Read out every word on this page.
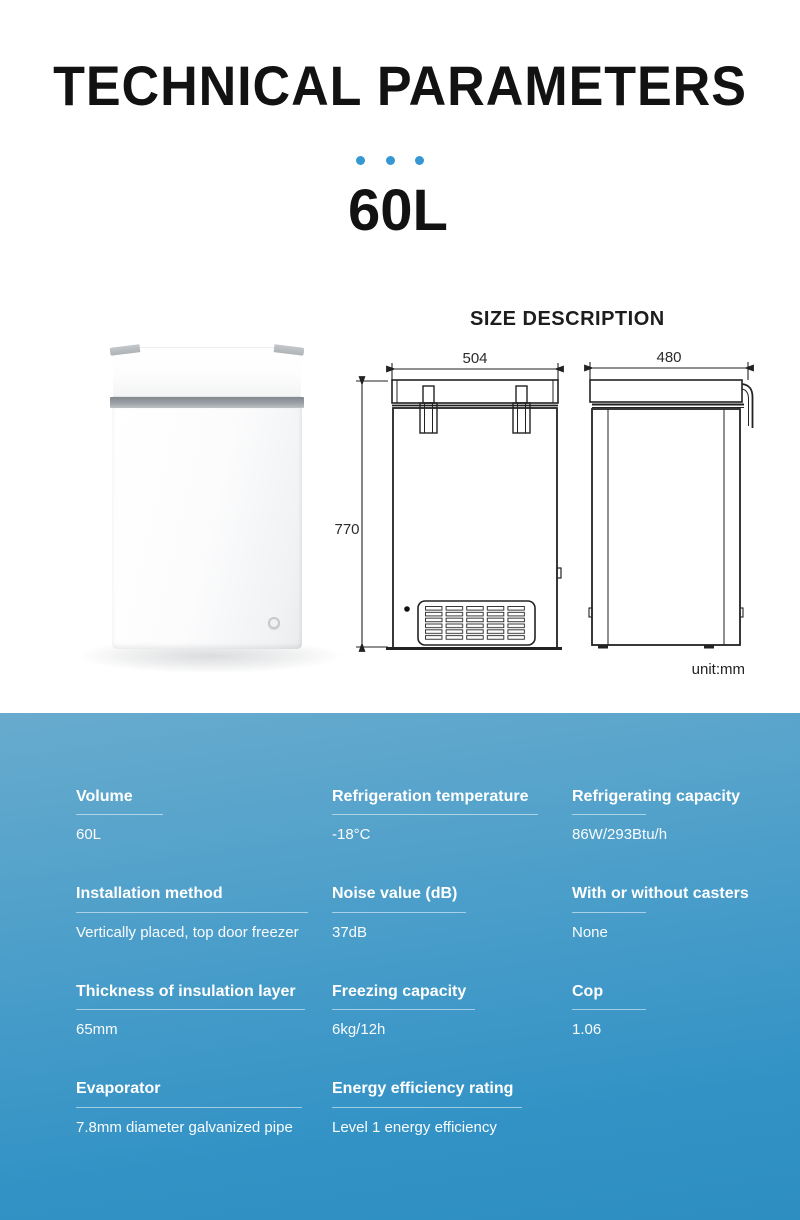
TECHNICAL PARAMETERS

60L
SIZE DESCRIPTION
504
770
480
unit:mm
Volume
60L
Refrigeration temperature
-18°C
Refrigerating capacity
86W/293Btu/h
Installation method
Vertically placed, top door freezer
Noise value (dB)
37dB
With or without casters
None
Thickness of insulation layer
65mm
Freezing capacity
6kg/12h
Cop
1.06
Evaporator
7.8mm diameter galvanized pipe
Energy efficiency rating
Level 1 energy efficiency
